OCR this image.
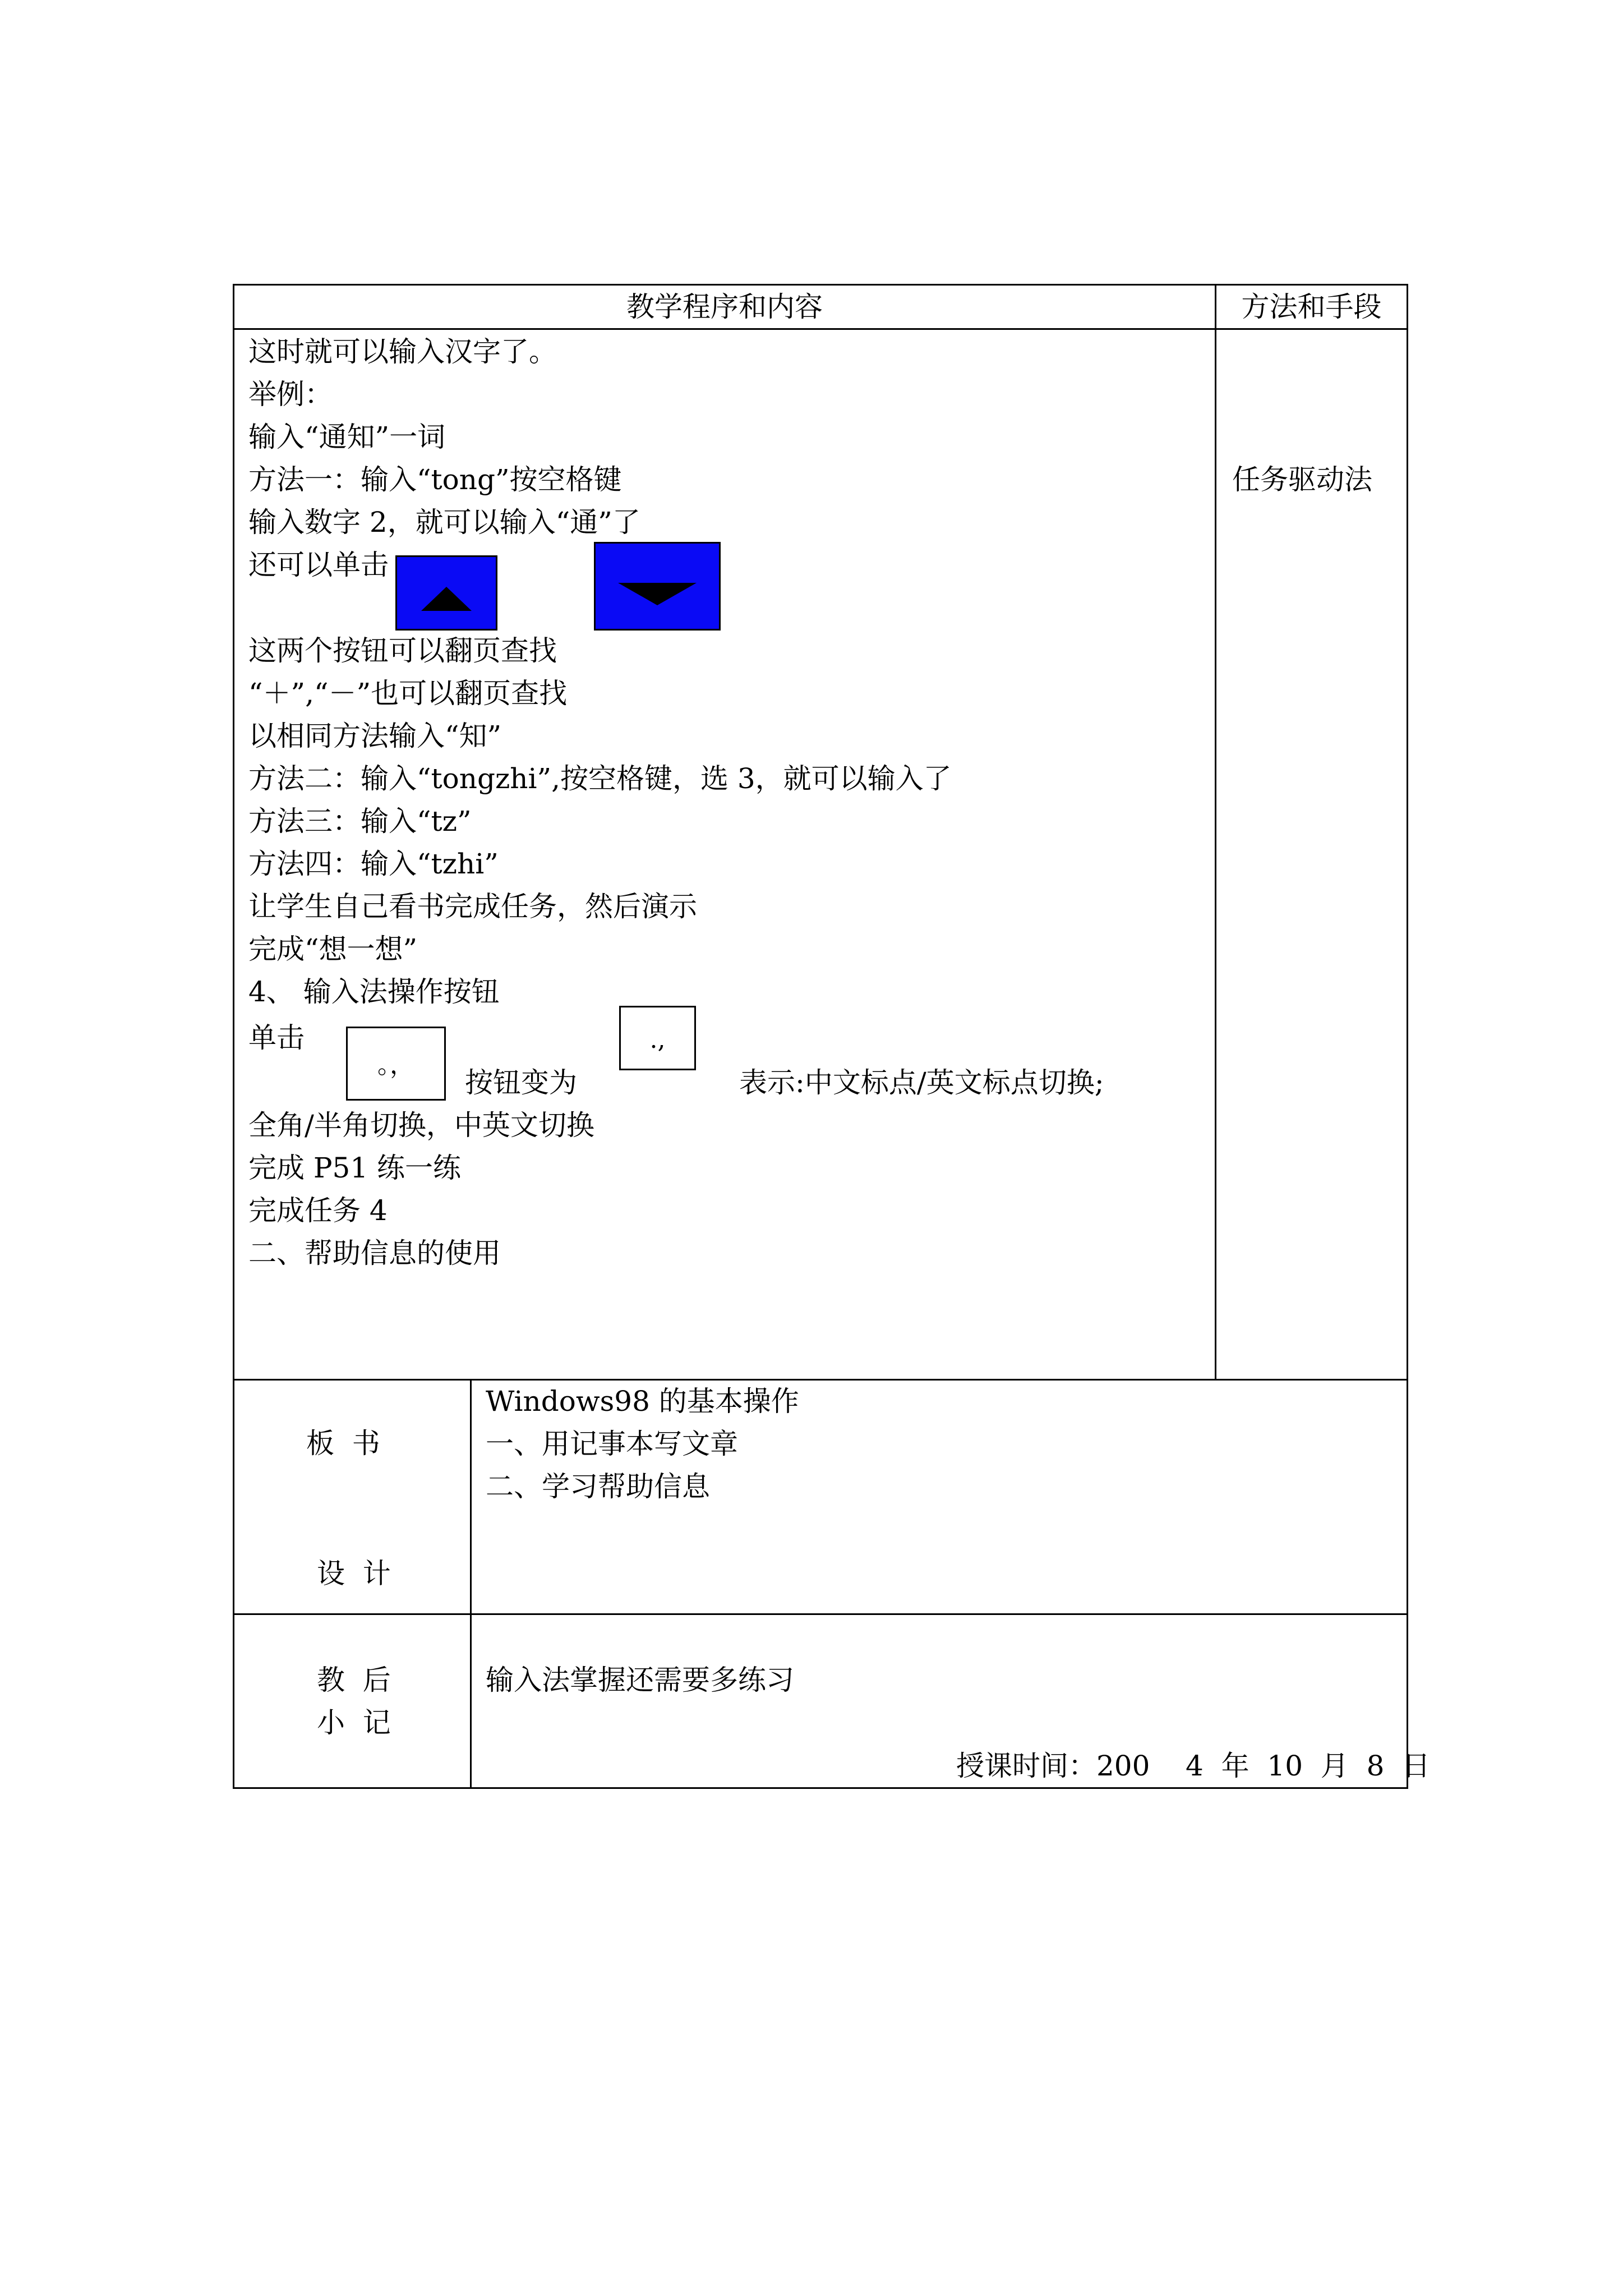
教学程序和内容	方法和手段
这时就可以输入汉字了。
举例：
输入“通知”一词
方法一：输入“tong”按空格键
输入数字 2，就可以输入“通”了
还可以单击
这两个按钮可以翻页查找
“＋”,“－”也可以翻页查找
以相同方法输入“知”
方法二：输入“tongzhi”,按空格键，选 3，就可以输入了
方法三：输入“tz”
方法四：输入“tzhi”
让学生自己看书完成任务，然后演示
完成“想一想”
4、 输入法操作按钮
单击
。，
按钮变为
.,
表示:中文标点/英文标点切换;
全角/半角切换，中英文切换
完成 P51 练一练
完成任务 4
二、帮助信息的使用
任务驱动法
板  书
设  计
Windows98 的基本操作
一、用记事本写文章
二、学习帮助信息
教  后
小  记
输入法掌握还需要多练习
授课时间：200    4  年  10  月  8  日
